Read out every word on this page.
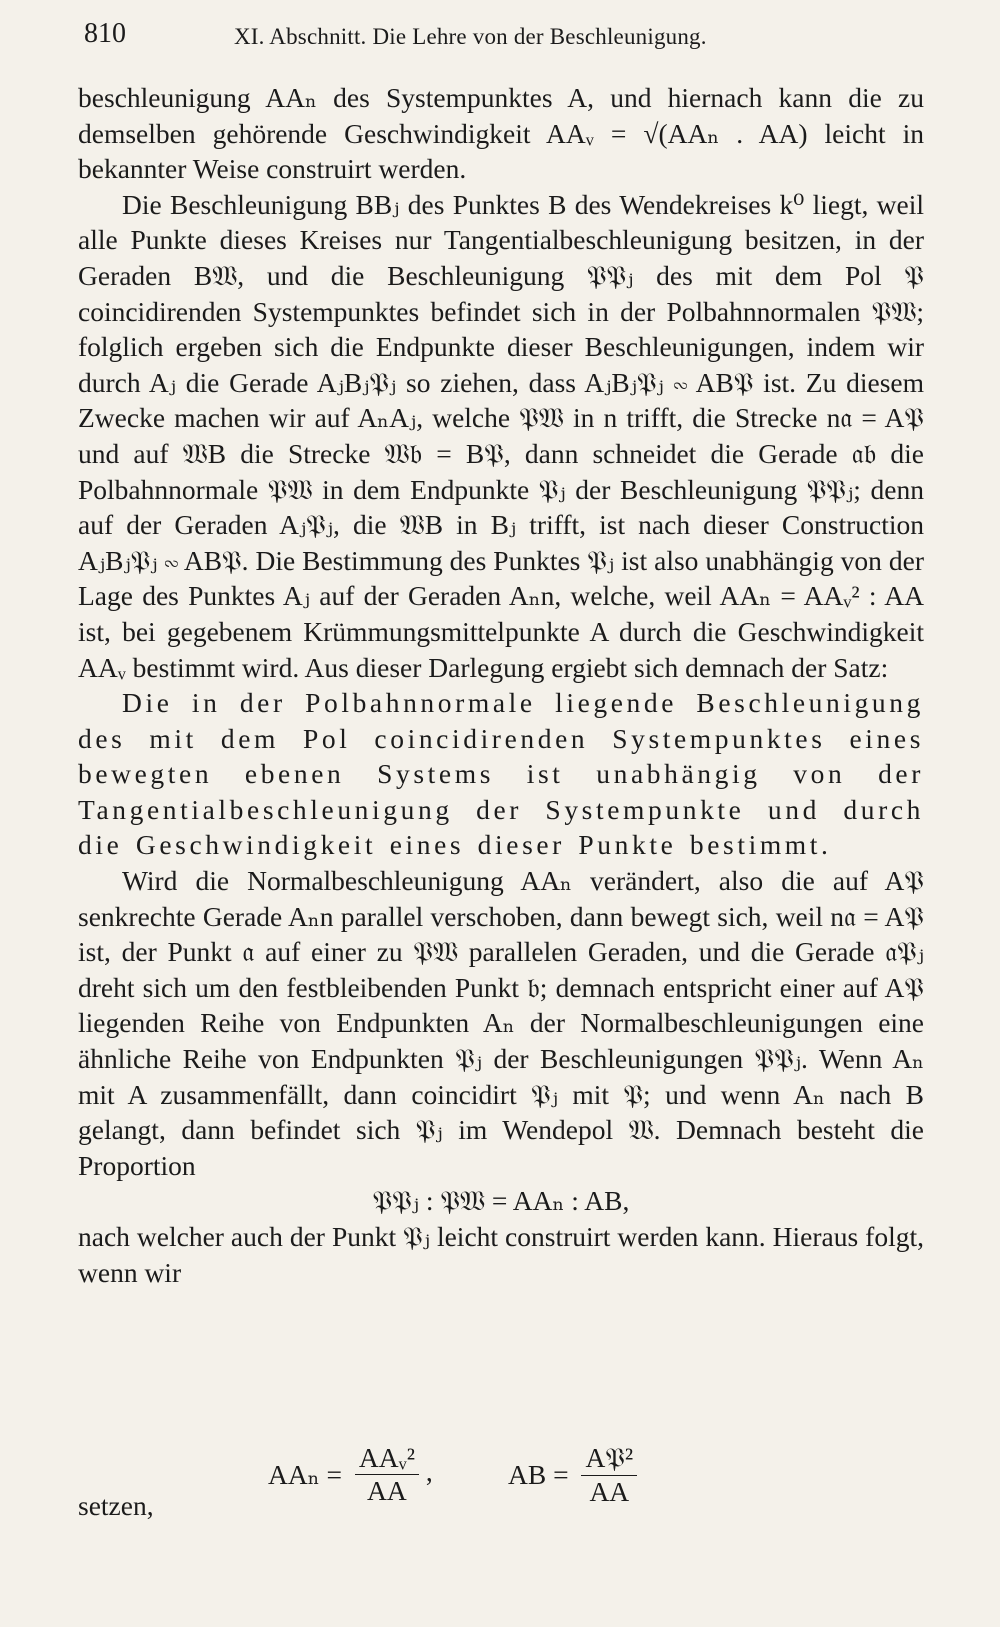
810	XI. Abschnitt. Die Lehre von der Beschleunigung.

beschleunigung AAₙ des Systempunktes A, und hiernach kann die zu demselben gehörende Geschwindigkeit AAᵥ = √(AAₙ . AA) leicht in bekannter Weise construirt werden.

Die Beschleunigung BBⱼ des Punktes B des Wendekreises k⁰ liegt, weil alle Punkte dieses Kreises nur Tangentialbeschleunigung besitzen, in der Geraden B𝔚, und die Beschleunigung 𝔓𝔓ⱼ des mit dem Pol 𝔓 coincidirenden Systempunktes befindet sich in der Polbahnnormalen 𝔓𝔚; folglich ergeben sich die Endpunkte dieser Beschleunigungen, indem wir durch Aⱼ die Gerade AⱼBⱼ𝔓ⱼ so ziehen, dass AⱼBⱼ𝔓ⱼ ∾ AB𝔓 ist. Zu diesem Zwecke machen wir auf AₙAⱼ, welche 𝔓𝔚 in n trifft, die Strecke n𝔞 = A𝔓 und auf 𝔚B die Strecke 𝔚𝔟 = B𝔓, dann schneidet die Gerade 𝔞𝔟 die Polbahnnormale 𝔓𝔚 in dem Endpunkte 𝔓ⱼ der Beschleunigung 𝔓𝔓ⱼ; denn auf der Geraden Aⱼ𝔓ⱼ, die 𝔚B in Bⱼ trifft, ist nach dieser Construction AⱼBⱼ𝔓ⱼ ∾ AB𝔓. Die Bestimmung des Punktes 𝔓ⱼ ist also unabhängig von der Lage des Punktes Aⱼ auf der Geraden Aₙn, welche, weil AAₙ = AAᵥ² : AA ist, bei gegebenem Krümmungsmittelpunkte A durch die Geschwindigkeit AAᵥ bestimmt wird. Aus dieser Darlegung ergiebt sich demnach der Satz:

Die in der Polbahnnormale liegende Beschleunigung des mit dem Pol coincidirenden Systempunktes eines bewegten ebenen Systems ist unabhängig von der Tangentialbeschleunigung der Systempunkte und durch die Geschwindigkeit eines dieser Punkte bestimmt.

Wird die Normalbeschleunigung AAₙ verändert, also die auf A𝔓 senkrechte Gerade Aₙn parallel verschoben, dann bewegt sich, weil n𝔞 = A𝔓 ist, der Punkt 𝔞 auf einer zu 𝔓𝔚 parallelen Geraden, und die Gerade 𝔞𝔓ⱼ dreht sich um den festbleibenden Punkt 𝔟; demnach entspricht einer auf A𝔓 liegenden Reihe von Endpunkten Aₙ der Normalbeschleunigungen eine ähnliche Reihe von Endpunkten 𝔓ⱼ der Beschleunigungen 𝔓𝔓ⱼ. Wenn Aₙ mit A zusammenfällt, dann coincidirt 𝔓ⱼ mit 𝔓; und wenn Aₙ nach B gelangt, dann befindet sich 𝔓ⱼ im Wendepol 𝔚. Demnach besteht die Proportion

𝔓𝔓ⱼ : 𝔓𝔚 = AAₙ : AB,

nach welcher auch der Punkt 𝔓ⱼ leicht construirt werden kann. Hieraus folgt, wenn wir

$AA_n = \frac{\text{AAᵥ²}}{AA}$ ,	AB = $\frac{\text{A𝔓²}}{AA}$
setzen,
